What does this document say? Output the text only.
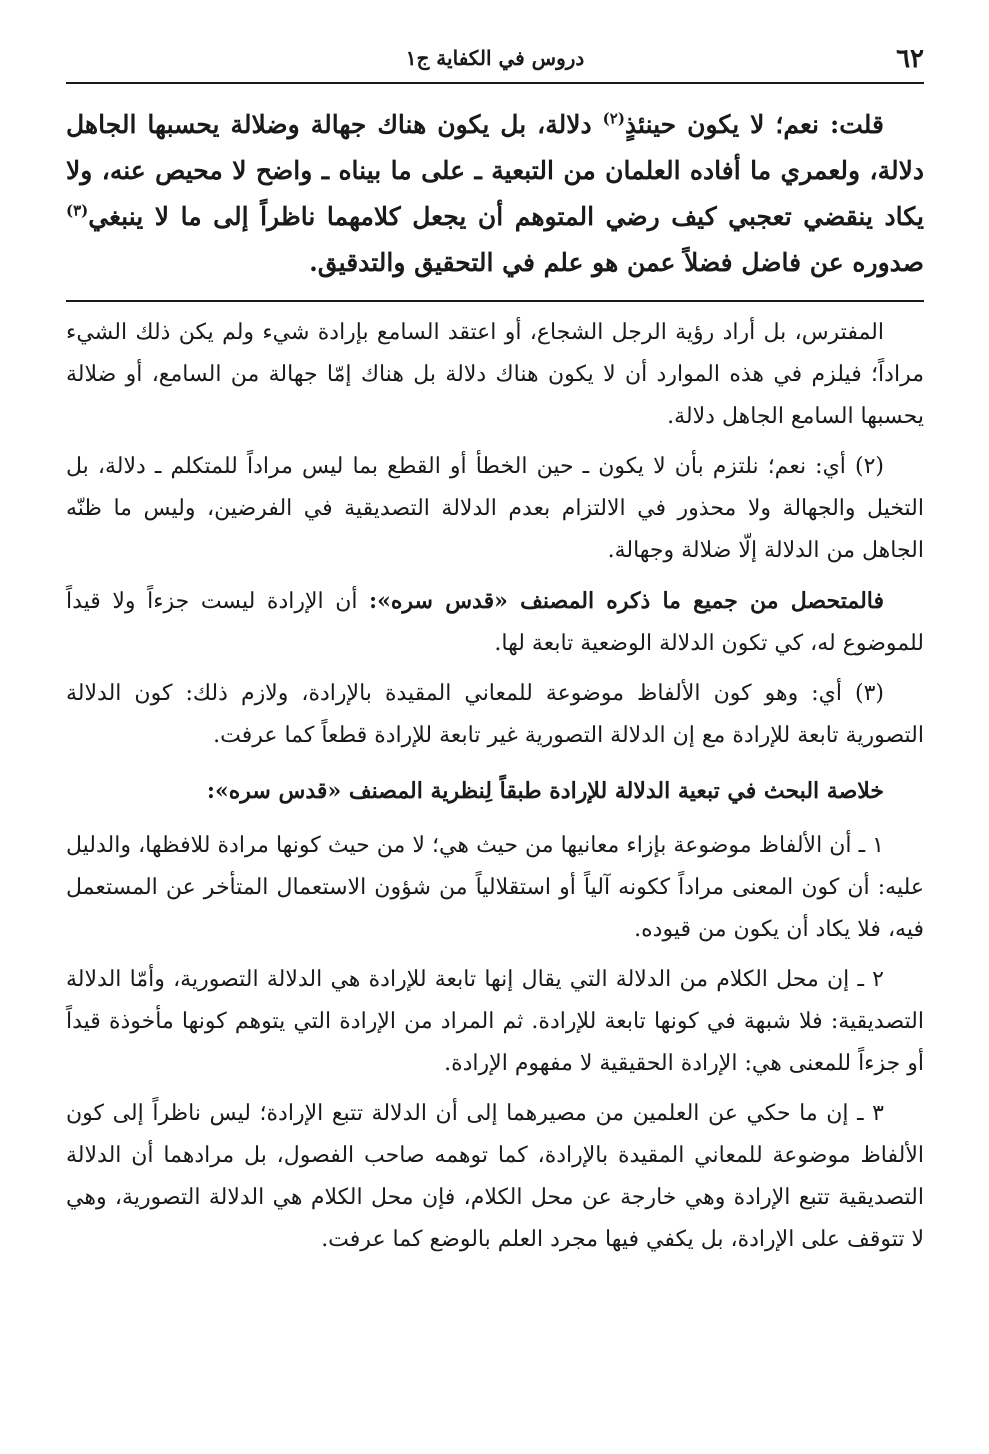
٦٢
دروس في الكفاية ج١

قلت: نعم؛ لا يكون حينئذٍ$^{(٢)}$ دلالة، بل يكون هناك جهالة وضلالة يحسبها الجاهل دلالة، ولعمري ما أفاده العلمان من التبعية ـ على ما بيناه ـ واضح لا محيص عنه، ولا يكاد ينقضي تعجبي كيف رضي المتوهم أن يجعل كلامهما ناظراً إلى ما لا ينبغي$^{(٣)}$ صدوره عن فاضل فضلاً عمن هو علم في التحقيق والتدقيق.

المفترس، بل أراد رؤية الرجل الشجاع، أو اعتقد السامع بإرادة شيء ولم يكن ذلك الشيء مراداً؛ فيلزم في هذه الموارد أن لا يكون هناك دلالة بل هناك إمّا جهالة من السامع، أو ضلالة يحسبها السامع الجاهل دلالة.

(٢) أي: نعم؛ نلتزم بأن لا يكون ـ حين الخطأ أو القطع بما ليس مراداً للمتكلم ـ دلالة، بل التخيل والجهالة ولا محذور في الالتزام بعدم الدلالة التصديقية في الفرضين، وليس ما ظنّه الجاهل من الدلالة إلّا ضلالة وجهالة.

فالمتحصل من جميع ما ذكره المصنف «قدس سره»: أن الإرادة ليست جزءاً ولا قيداً للموضوع له، كي تكون الدلالة الوضعية تابعة لها.

(٣) أي: وهو كون الألفاظ موضوعة للمعاني المقيدة بالإرادة، ولازم ذلك: كون الدلالة التصورية تابعة للإرادة مع إن الدلالة التصورية غير تابعة للإرادة قطعاً كما عرفت.

خلاصة البحث في تبعية الدلالة للإرادة طبقاً لِنظرية المصنف «قدس سره»:

١ ـ أن الألفاظ موضوعة بإزاء معانيها من حيث هي؛ لا من حيث كونها مرادة للافظها، والدليل عليه: أن كون المعنى مراداً ككونه آلياً أو استقلالياً من شؤون الاستعمال المتأخر عن المستعمل فيه، فلا يكاد أن يكون من قيوده.

٢ ـ إن محل الكلام من الدلالة التي يقال إنها تابعة للإرادة هي الدلالة التصورية، وأمّا الدلالة التصديقية: فلا شبهة في كونها تابعة للإرادة. ثم المراد من الإرادة التي يتوهم كونها مأخوذة قيداً أو جزءاً للمعنى هي: الإرادة الحقيقية لا مفهوم الإرادة.

٣ ـ إن ما حكي عن العلمين من مصيرهما إلى أن الدلالة تتبع الإرادة؛ ليس ناظراً إلى كون الألفاظ موضوعة للمعاني المقيدة بالإرادة، كما توهمه صاحب الفصول، بل مرادهما أن الدلالة التصديقية تتبع الإرادة وهي خارجة عن محل الكلام، فإن محل الكلام هي الدلالة التصورية، وهي لا تتوقف على الإرادة، بل يكفي فيها مجرد العلم بالوضع كما عرفت.
